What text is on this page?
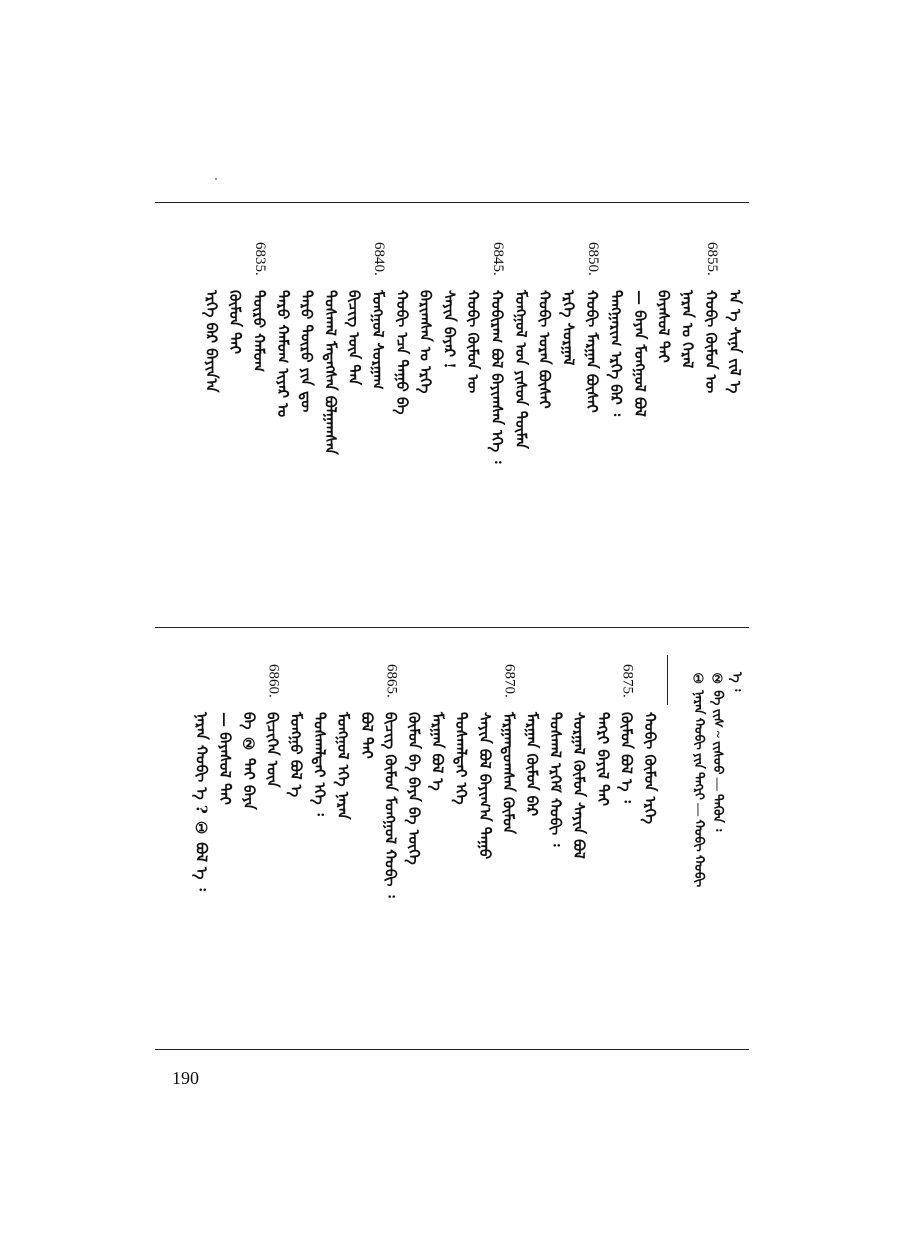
ᠠ ᠡ ᠰᠢᠨᠡ ᠵᠢᠯ ᠡ
ᠬᠤᠪᠢ ᠬᠦᠮᠦᠨ ᠦ
6855.
ᠨᠠᠷᠠᠨ ᠤ ᠭᠡᠷᠡᠯ
ᠪᠠᠶᠠᠰᠤᠯ ᠲᠠᠢ
— ᠪᠠᠶᠠᠨ ᠮᠣᠩᠭᠣᠯ ᠪᠣᠯ
ᠲᠠᠩᠭᠠᠷᠢᠭ ᠡᠷᠬᠡ ᠪᠡᠷ ᠄
ᠬᠤᠪᠢ ᠮᠠᠷᠭᠠᠨ ᠪᠦᠰᠡᠢ
6850.
ᠡᠷᠬᠡ ᠰᠤᠷᠭᠠᠯ
ᠬᠤᠪᠢ ᠤᠷᠠᠨ ᠪᠦᠰᠡᠢ
ᠮᠣᠩᠭᠣᠯ ᠤᠨ ᠶᠢᠰᠦᠨ ᠲᠦᠮᠡᠨ
ᠬᠤᠪᠢᠷᠠᠭ ᠪᠣᠯ ᠪᠠᠶᠢᠭᠰᠠᠨ ᠡᠭᠡ ᠄
6845.
ᠬᠤᠪᠢ ᠬᠦᠮᠦᠨ ᠦ
ᠰᠠᠶᠢᠨ ᠪᠠᠶᠠᠷ ᠋!
ᠪᠠᠷᠢᠭᠰᠠᠨ ᠤ ᠡᠷᠬᠡ
ᠬᠤᠪᠢ ᠡᠴᠡ ᠳᠠᠭᠤ ᠪᠠ
ᠮᠣᠩᠭᠣᠯ ᠰᠤᠷᠭᠠᠭ
6840.
ᠪᠢᠴᠢᠭ ᠦᠨ ᠲᠠᠨ
ᠲᠤᠰᠬᠠᠯ ᠮᠡᠳᠡᠭᠰᠡᠨ ᠪᠣᠯᠭᠠᠭᠰᠠᠨ
ᠳᠠᠷᠤ ᠲᠥᠷᠦ ᠶᠢᠨ ᠳᠦ
ᠳᠠᠷᠤ ᠬᠠᠮᠤᠭ ᠢᠶᠡᠷ ᠤ
ᠲᠥᠷᠦ ᠬᠠᠮᠤᠭ
6835.
ᠬᠦᠮᠦᠨ ᠲᠠᠢ
ᠡᠷᠬᠡ ᠪᠡᠷ ᠪᠠᠶᠢᠨ᠎ᠠ
ᠡ ᠄
② ᠪᠠ ᠵᠢᠰ ~ ᠵᠢᠰᠦᠦ — ᠲᠡᠭᠦᠨ ᠄
① ᠨᠠᠷᠠᠨ ᠬᠤᠪᠢ ᠶᠢᠨ ᠲᠡᠭᠷᠢ — ᠬᠤᠪᠢ ᠬᠤᠪᠢ
ᠬᠤᠪᠢ ᠬᠦᠮᠦᠨ ᠡᠷᠬᠡ
ᠬᠦᠮᠦᠨ ᠪᠣᠯ ᠡ ᠄
6875.
ᠲᠡᠭᠷᠢ ᠪᠠᠶᠢᠯ ᠲᠠᠢ
ᠰᠤᠷᠭᠠᠯ ᠬᠦᠮᠦᠨ ᠰᠠᠶᠢᠨ ᠪᠣᠯ
ᠲᠤᠰᠬᠠᠯ ᠡᠷᠬᠡᠮ ᠬᠤᠪᠢ ᠄
ᠮᠠᠷᠭᠠᠨ ᠬᠦᠮᠦᠨ ᠪᠠᠷ
ᠮᠠᠷᠭᠠᠨᠳᠤᠭᠰᠠᠨ ᠬᠦᠮᠦᠨ
6870.
ᠰᠠᠶᠢᠨ ᠪᠣᠯ ᠪᠠᠶᠢᠭ᠎ᠠ ᠳᠠᠭᠤ
ᠲᠤᠰᠬᠠᠯᠲᠠᠢ ᠡᠭᠡ
ᠮᠠᠷᠭᠠᠨ ᠪᠣᠯ ᠡ
ᠬᠦᠮᠦᠨ ᠪᠡ ᠪᠠᠶᠠ ᠪᠡ ᠦᠭᠡ
ᠪᠢᠴᠢᠭ ᠬᠦᠮᠦᠨ ᠮᠣᠩᠭᠣᠯ ᠬᠤᠪᠢ ᠄
6865.
ᠪᠣᠯ ᠲᠠᠢ
ᠮᠣᠩᠭᠣᠯ ᠡᠭᠡ ᠨᠠᠷᠠᠨ
ᠲᠤᠰᠬᠠᠯᠲᠠᠢ ᠡᠭᠡ ᠄
ᠮᠣᠩᠭᠣ ᠪᠣᠯ ᠡ
ᠪᠢᠴᠢᠭᠡᠨ ᠦᠨ
6860.
ᠪᠠ ② ᠲᠠᠢ ᠪᠠᠶᠠ
— ᠪᠠᠶᠠᠰᠤᠯ ᠲᠠᠢ
ᠨᠠᠷᠠᠨ ᠬᠤᠪᠢ ᠡ ? ① ᠪᠣᠯ ᠡ ᠄
190
